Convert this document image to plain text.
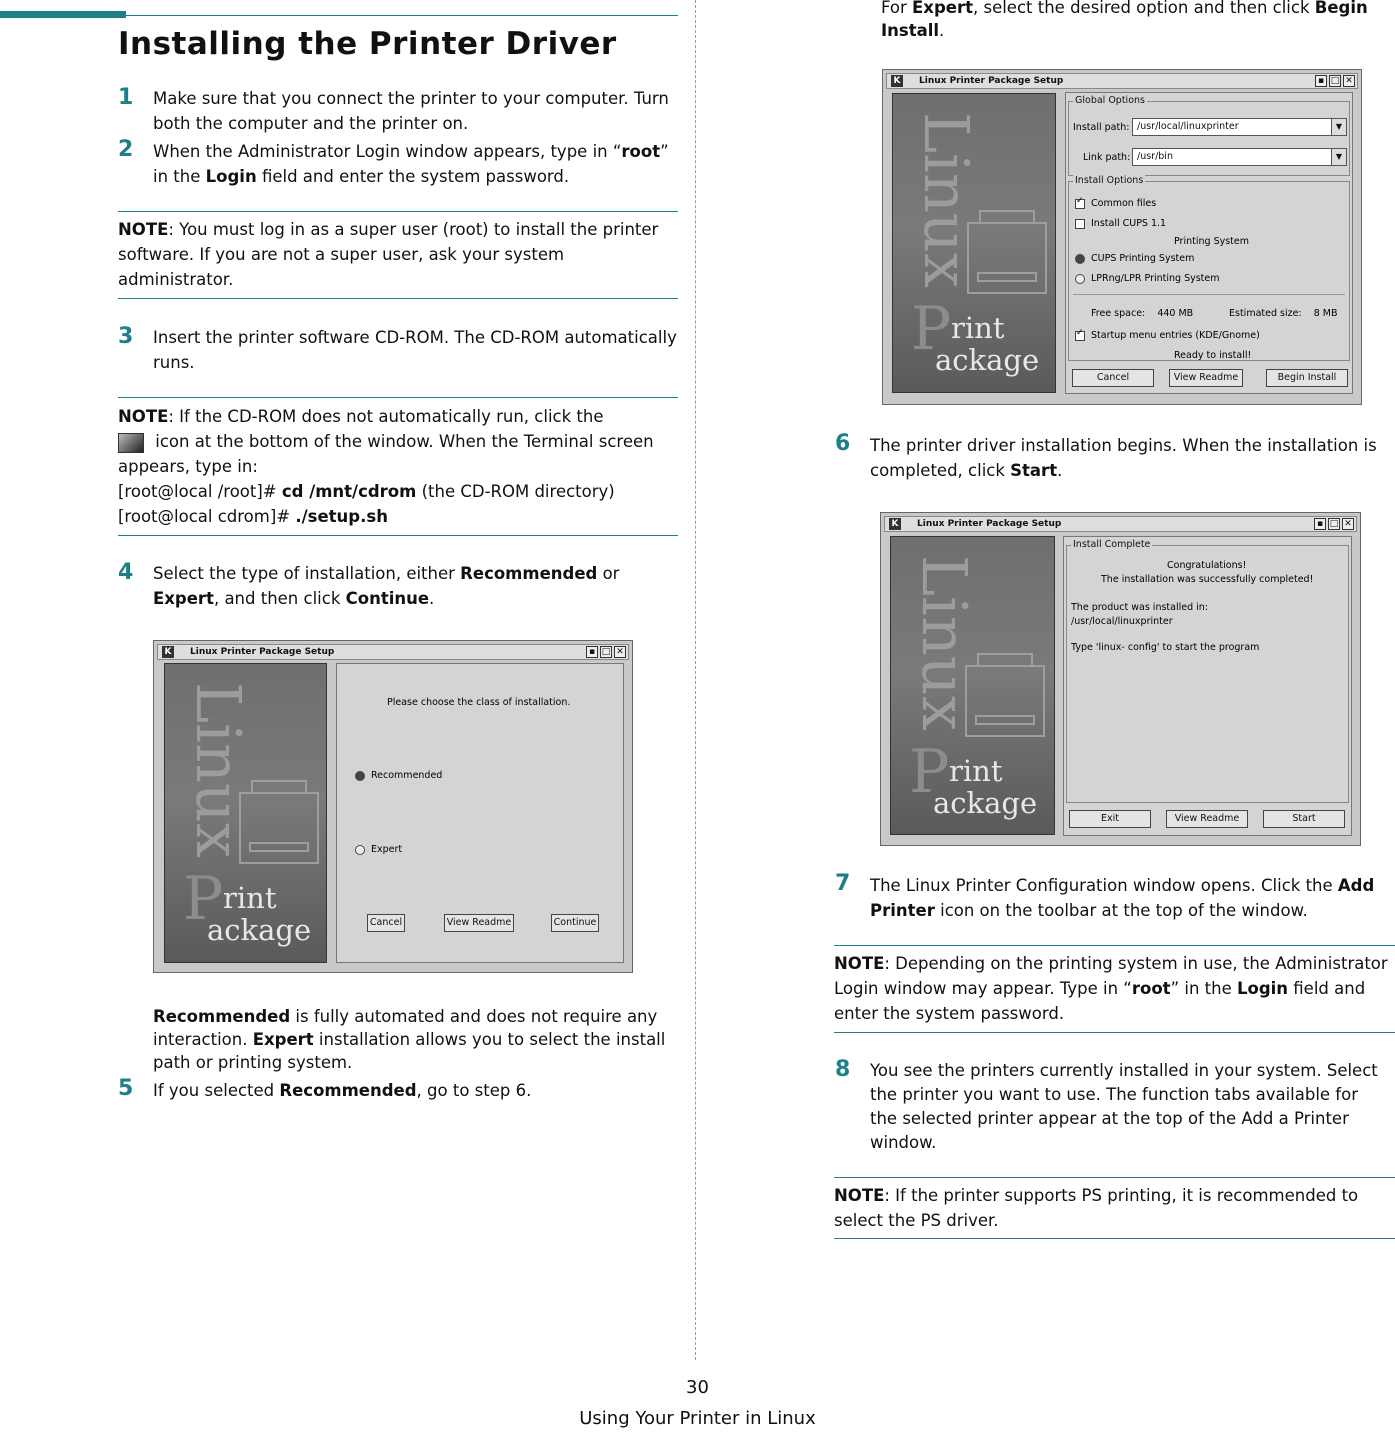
Installing the Printer Driver
1 Make sure that you connect the printer to your computer. Turn both the computer and the printer on.
2 When the Administrator Login window appears, type in “root” in the Login field and enter the system password.
NOTE: You must log in as a super user (root) to install the printer software. If you are not a super user, ask your system administrator.
3 Insert the printer software CD-ROM. The CD-ROM automatically runs.
NOTE: If the CD-ROM does not automatically run, click the
icon at the bottom of the window. When the Terminal screen appears, type in:
[root@local /root]# cd /mnt/cdrom (the CD-ROM directory)
[root@local cdrom]# ./setup.sh
4 Select the type of installation, either Recommended or Expert, and then click Continue.
K Linux Printer Package Setup	▪ □ ✕
Linux
P rint
ackage
Please choose the class of installation.
Recommended
Expert
Cancel	View Readme	Continue
Recommended is fully automated and does not require any interaction. Expert installation allows you to select the install path or printing system.
5 If you selected Recommended, go to step 6.
For Expert, select the desired option and then click Begin Install.
K Linux Printer Package Setup	▪ □ ✕
Linux
P rint
ackage
Global Options
Install path: /usr/local/linuxprinter	▼
Link path: /usr/bin	▼
Install Options
✓Common files
Install CUPS 1.1
Printing System
CUPS Printing System
LPRng/LPR Printing System
Free space:    440 MB	Estimated size:    8 MB
✓Startup menu entries (KDE/Gnome)
Ready to install!
Cancel	View Readme	Begin Install
6 The printer driver installation begins. When the installation is completed, click Start.
K Linux Printer Package Setup	▪ □ ✕
Linux
P rint
ackage
Install Complete
Congratulations!
The installation was successfully completed!
The product was installed in:
/usr/local/linuxprinter
Type 'linux- config' to start the program
Exit	View Readme	Start
7 The Linux Printer Configuration window opens. Click the Add Printer icon on the toolbar at the top of the window.
NOTE: Depending on the printing system in use, the Administrator Login window may appear. Type in “root” in the Login field and enter the system password.
8 You see the printers currently installed in your system. Select the printer you want to use. The function tabs available for the selected printer appear at the top of the Add a Printer window.
NOTE: If the printer supports PS printing, it is recommended to select the PS driver.
30
Using Your Printer in Linux
